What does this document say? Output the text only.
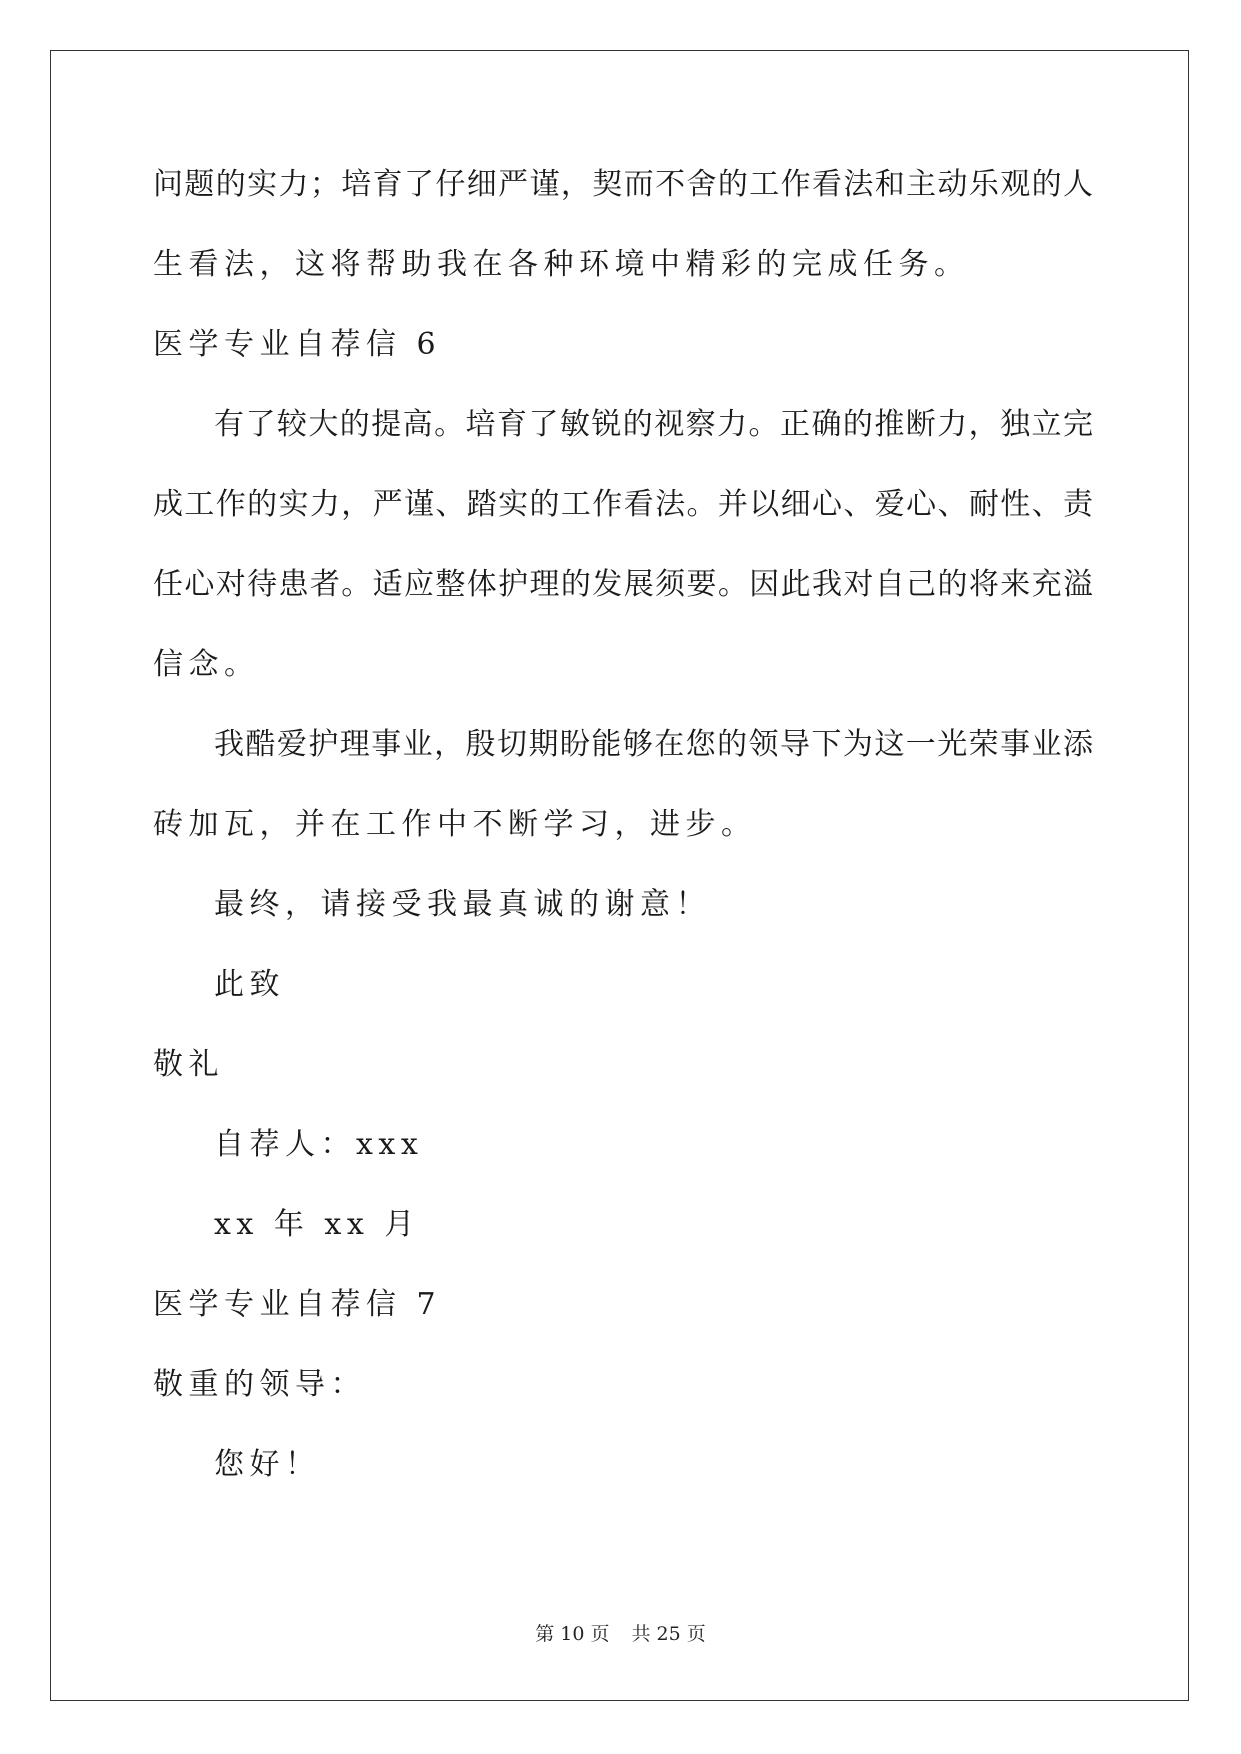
问题的实力；培育了仔细严谨，契而不舍的工作看法和主动乐观的人
生看法，这将帮助我在各种环境中精彩的完成任务。
医学专业自荐信 6
有了较大的提高。培育了敏锐的视察力。正确的推断力，独立完
成工作的实力，严谨、踏实的工作看法。并以细心、爱心、耐性、责
任心对待患者。适应整体护理的发展须要。因此我对自己的将来充溢
信念。
我酷爱护理事业，殷切期盼能够在您的领导下为这一光荣事业添
砖加瓦，并在工作中不断学习，进步。
最终，请接受我最真诚的谢意！
此致
敬礼
自荐人：xxx
xx 年 xx 月
医学专业自荐信 7
敬重的领导：
您好！
第 10 页 共 25 页
